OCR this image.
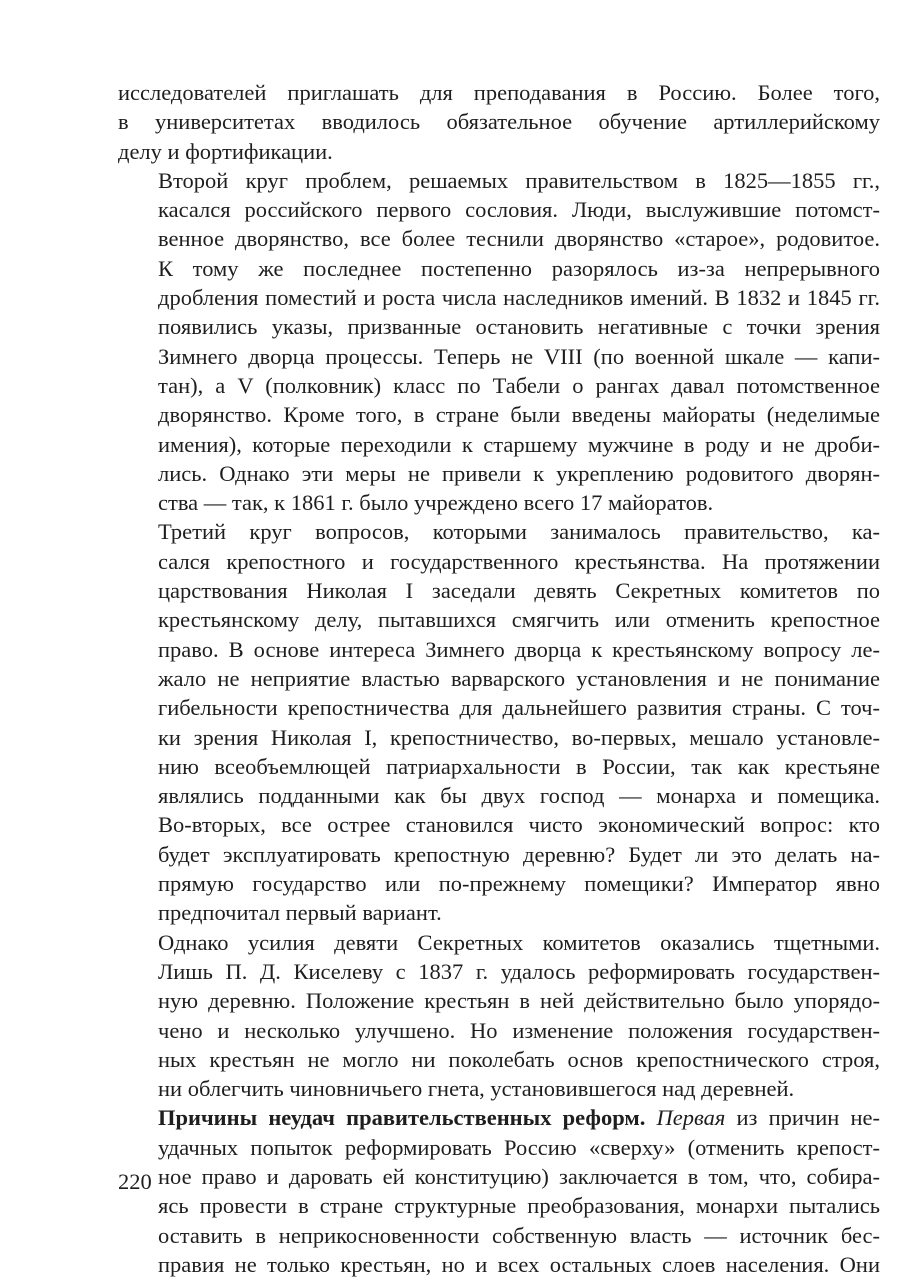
исследователей приглашать для преподавания в Россию. Более того,
в университетах вводилось обязательное обучение артиллерийскому
делу и фортификации.

Второй круг проблем, решаемых правительством в 1825—1855 гг.,
касался российского первого сословия. Люди, выслужившие потомст-
венное дворянство, все более теснили дворянство «старое», родовитое.
К тому же последнее постепенно разорялось из-за непрерывного
дробления поместий и роста числа наследников имений. В 1832 и 1845 гг.
появились указы, призванные остановить негативные с точки зрения
Зимнего дворца процессы. Теперь не VIII (по военной шкале — капи-
тан), а V (полковник) класс по Табели о рангах давал потомственное
дворянство. Кроме того, в стране были введены майораты (неделимые
имения), которые переходили к старшему мужчине в роду и не дроби-
лись. Однако эти меры не привели к укреплению родовитого дворян-
ства — так, к 1861 г. было учреждено всего 17 майоратов.

Третий круг вопросов, которыми занималось правительство, ка-
сался крепостного и государственного крестьянства. На протяжении
царствования Николая I заседали девять Секретных комитетов по
крестьянскому делу, пытавшихся смягчить или отменить крепостное
право. В основе интереса Зимнего дворца к крестьянскому вопросу ле-
жало не неприятие властью варварского установления и не понимание
гибельности крепостничества для дальнейшего развития страны. С точ-
ки зрения Николая I, крепостничество, во-первых, мешало установле-
нию всеобъемлющей патриархальности в России, так как крестьяне
являлись подданными как бы двух господ — монарха и помещика.
Во-вторых, все острее становился чисто экономический вопрос: кто
будет эксплуатировать крепостную деревню? Будет ли это делать на-
прямую государство или по-прежнему помещики? Император явно
предпочитал первый вариант.

Однако усилия девяти Секретных комитетов оказались тщетными.
Лишь П. Д. Киселеву с 1837 г. удалось реформировать государствен-
ную деревню. Положение крестьян в ней действительно было упорядо-
чено и несколько улучшено. Но изменение положения государствен-
ных крестьян не могло ни поколебать основ крепостнического строя,
ни облегчить чиновничьего гнета, установившегося над деревней.

Причины неудач правительственных реформ. Первая из причин не-
удачных попыток реформировать Россию «сверху» (отменить крепост-
ное право и даровать ей конституцию) заключается в том, что, собира-
ясь провести в стране структурные преобразования, монархи пытались
оставить в неприкосновенности собственную власть — источник бес-
правия не только крестьян, но и всех остальных слоев населения. Они

220
